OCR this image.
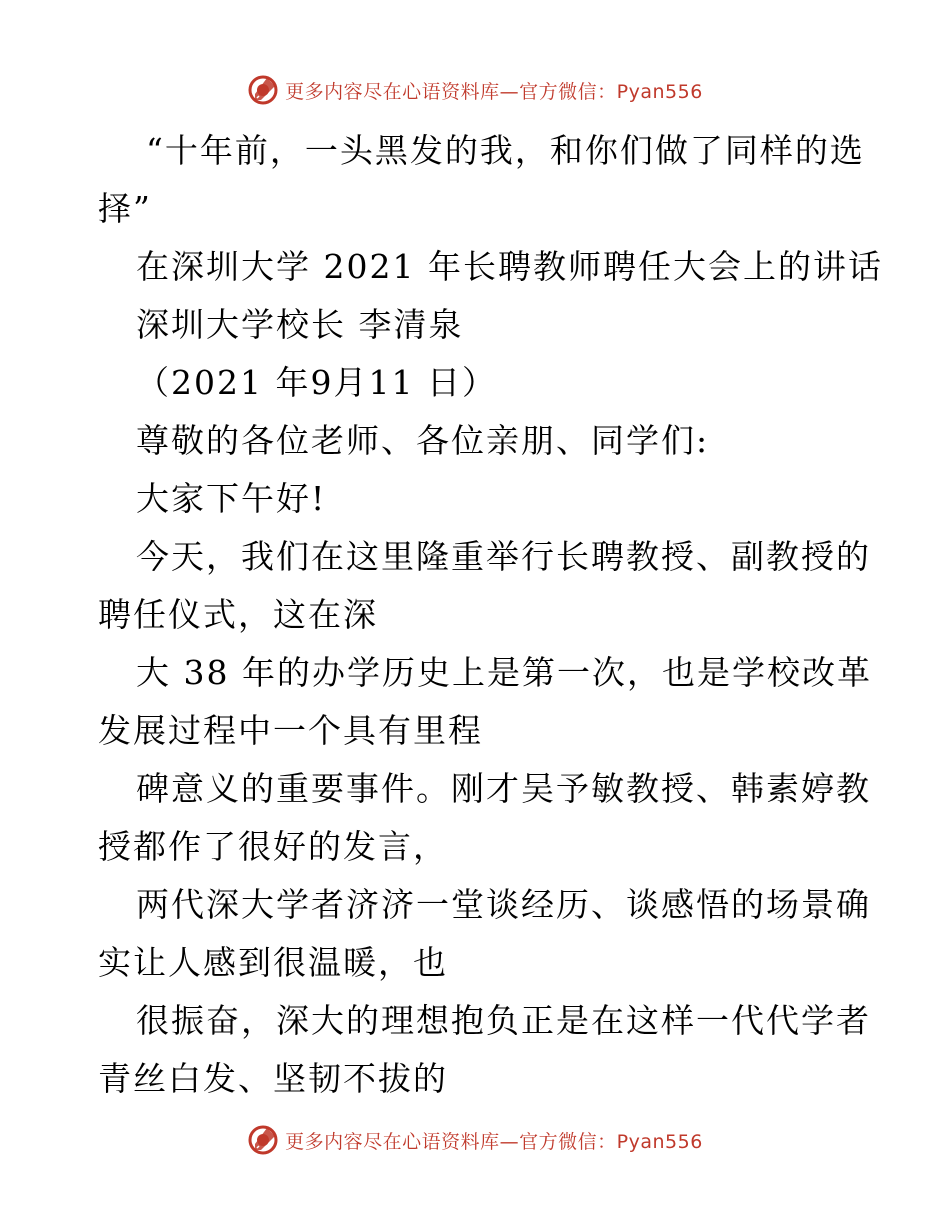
更多内容尽在心语资料库—官方微信：Pyan556
“十年前，一头黑发的我，和你们做了同样的选
择”
在深圳大学 2021 年长聘教师聘任大会上的讲话
深圳大学校长 李清泉
（2021 年9月11 日）
尊敬的各位老师、各位亲朋、同学们:
大家下午好!
今天，我们在这里隆重举行长聘教授、副教授的
聘任仪式，这在深
大 38 年的办学历史上是第一次，也是学校改革
发展过程中一个具有里程
碑意义的重要事件。刚才吴予敏教授、韩素婷教
授都作了很好的发言，
两代深大学者济济一堂谈经历、谈感悟的场景确
实让人感到很温暖，也
很振奋，深大的理想抱负正是在这样一代代学者
青丝白发、坚韧不拔的
更多内容尽在心语资料库—官方微信：Pyan556
